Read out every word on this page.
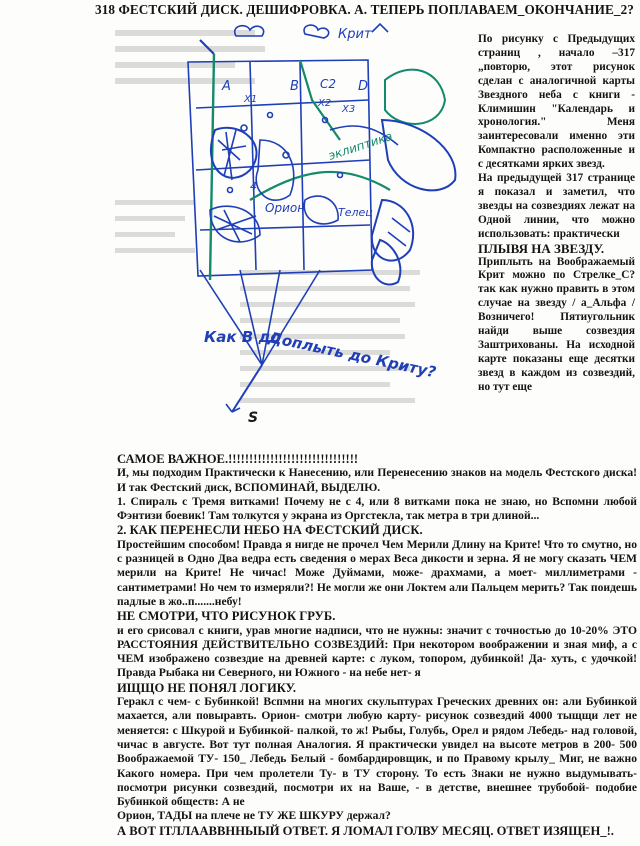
318 ФЕСТСКИЙ ДИСК. ДЕШИФРОВКА. А. ТЕПЕРЬ ПОПЛАВАЕМ_ОКОНЧАНИЕ_2?
Крит
А	В С2 D
X1	X2
X3
4
Орион	Телец
эклиптика
Как В до
Доплыть до Криту?
S

По рисунку с Предыдущих страниц , начало –317 „повторю, этот рисунок сделан с аналогичной карты Звездного неба с книги - Климишин "Календарь и хронология." Меня заинтересовали именно эти Компактно расположенные и с десятками ярких звезд.

На предыдущей 317 странице я показал и заметил, что звезды на созвездиях лежат на Одной линии, что можно использовать: практически

ПЛЫВЯ НА ЗВЕЗДУ.

Приплыть на Воображаемый Крит можно по Стрелке_С? так как нужно править в этом случае на звезду / а_Альфа / Возничего! Пятиугольник найди выше созвездия Заштрихованы. На исходной карте показаны еще десятки звезд в каждом из созвездий, но тут еще

САМОЕ ВАЖНОЕ.!!!!!!!!!!!!!!!!!!!!!!!!!!!!!!!

И, мы подходим Практически к Нанесению, или Перенесению знаков на модель Фестского диска! И так Фестский диск, ВСПОМИНАЙ, ВЫДЕЛЮ.

1. Спираль с Тремя витками! Почему не с 4, или 8 витками пока не знаю, но Вспомни любой Фэнтизи боевик! Там толкутся у экрана из Оргстекла, так метра в три длиной...

2. КАК ПЕРЕНЕСЛИ НЕБО НА ФЕСТСКИЙ ДИСК.

Простейшим способом! Правда я нигде не прочел Чем Мерили Длину на Крите! Что то смутно, но с разницей в Одно Два ведра есть сведения о мерах Веса дикости и зерна. Я не могу сказать ЧЕМ мерили на Крите! Не чичас! Може Дуймами, може- драхмами, а моет- миллиметрами - сантиметрами! Но чем то измеряли?! Не могли же они Локтем али Пальцем мерить? Так поидешь падлые в жо..п.......небу!

НЕ СМОТРИ, ЧТО РИСУНОК ГРУБ.

и его срисовал с книги, урав многие надписи, что не нужны: значит с точностью до 10-20% ЭТО РАССТОЯНИЯ ДЕЙСТВИТЕЛЬНО СОЗВЕЗДИЙ: При некотором воображении и зная миф, а с ЧЕМ изображено созвездие на древней карте: с луком, топором, дубинкой! Да- хуть, с удочкой! Правда Рыбака ни Северного, ни Южного - на небе нет- я

ИЩЩО НЕ ПОНЯЛ ЛОГИКУ.

Геракл с чем- с Бубинкой! Вспмни на многих скульптурах Греческих древних он: али Бубинкой махается, али повыравть. Орион- смотри любую карту- рисунок созвездий 4000 тыщщи лет не меняется: с Шкурой и Бубинкой- палкой, то ж! Рыбы, Голубь, Орел и рядом Лебедь- над головой, чичас в августе. Вот тут полная Аналогия. Я практически увидел на высоте метров в 200- 500 Воображаемой ТУ- 150_ Лебедь Белый - бомбардировщик, и по Правому крылу_ Миг, не важно Какого номера. При чем пролетели Ту- в ТУ сторону. То есть Знаки не нужно выдумывать- посмотри рисунки созвездий, посмотри их на Ваше, - в детстве, внешнее трубобой- подобие Бубинкой обществ: А не

Орион, ТАДЫ на плече не ТУ ЖЕ ШКУРУ держал?

А ВОТ ІТЛЛААВВННЫЫЙ ОТВЕТ. Я ЛОМАЛ ГОЛВУ МЕСЯЦ. ОТВЕТ ИЗЯЩЕН_!.
